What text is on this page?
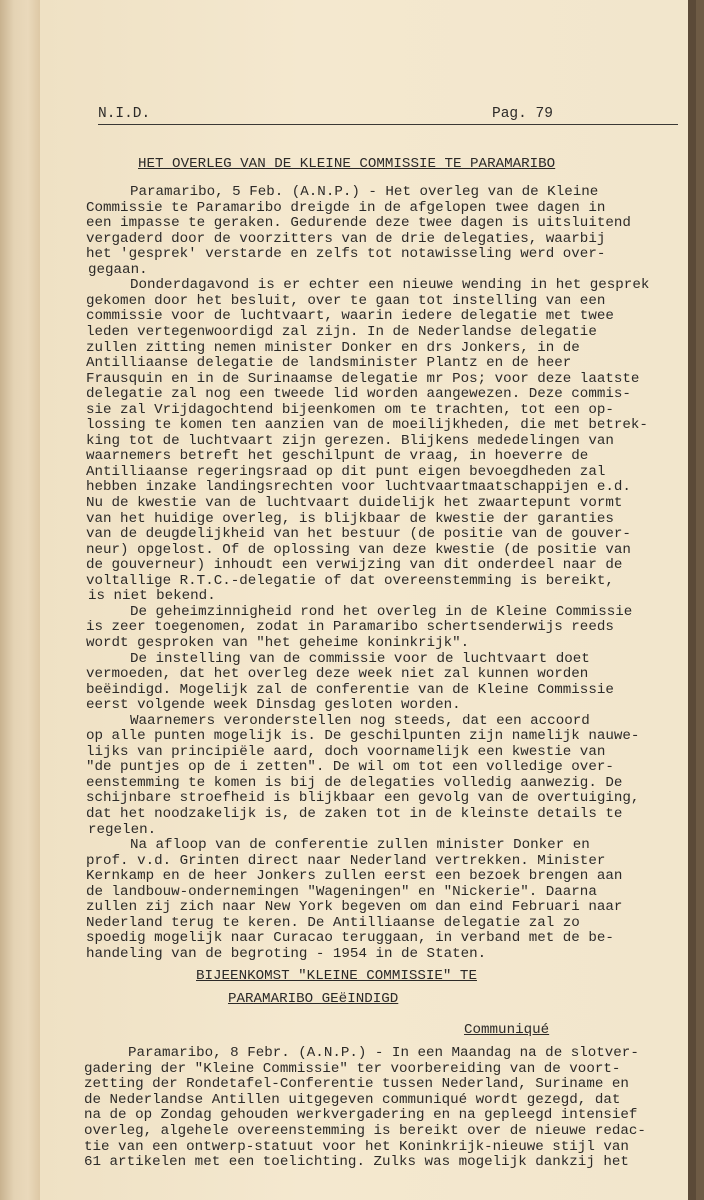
N.I.D.	Pag. 79
HET OVERLEG VAN DE KLEINE COMMISSIE TE PARAMARIBO
Paramaribo, 5 Feb. (A.N.P.) - Het overleg van de Kleine
Commissie te Paramaribo dreigde in de afgelopen twee dagen in
een impasse te geraken. Gedurende deze twee dagen is uitsluitend
vergaderd door de voorzitters van de drie delegaties, waarbij
het 'gesprek' verstarde en zelfs tot notawisseling werd over-
gegaan.
Donderdagavond is er echter een nieuwe wending in het gesprek
gekomen door het besluit, over te gaan tot instelling van een
commissie voor de luchtvaart, waarin iedere delegatie met twee
leden vertegenwoordigd zal zijn. In de Nederlandse delegatie
zullen zitting nemen minister Donker en drs Jonkers, in de
Antilliaanse delegatie de landsminister Plantz en de heer
Frausquin en in de Surinaamse delegatie mr Pos; voor deze laatste
delegatie zal nog een tweede lid worden aangewezen. Deze commis-
sie zal Vrijdagochtend bijeenkomen om te trachten, tot een op-
lossing te komen ten aanzien van de moeilijkheden, die met betrek-
king tot de luchtvaart zijn gerezen. Blijkens mededelingen van
waarnemers betreft het geschilpunt de vraag, in hoeverre de
Antilliaanse regeringsraad op dit punt eigen bevoegdheden zal
hebben inzake landingsrechten voor luchtvaartmaatschappijen e.d.
Nu de kwestie van de luchtvaart duidelijk het zwaartepunt vormt
van het huidige overleg, is blijkbaar de kwestie der garanties
van de deugdelijkheid van het bestuur (de positie van de gouver-
neur) opgelost. Of de oplossing van deze kwestie (de positie van
de gouverneur) inhoudt een verwijzing van dit onderdeel naar de
voltallige R.T.C.-delegatie of dat overeenstemming is bereikt,
is niet bekend.
De geheimzinnigheid rond het overleg in de Kleine Commissie
is zeer toegenomen, zodat in Paramaribo schertsenderwijs reeds
wordt gesproken van "het geheime koninkrijk".
De instelling van de commissie voor de luchtvaart doet
vermoeden, dat het overleg deze week niet zal kunnen worden
beëindigd. Mogelijk zal de conferentie van de Kleine Commissie
eerst volgende week Dinsdag gesloten worden.
Waarnemers veronderstellen nog steeds, dat een accoord
op alle punten mogelijk is. De geschilpunten zijn namelijk nauwe-
lijks van principiële aard, doch voornamelijk een kwestie van
"de puntjes op de i zetten". De wil om tot een volledige over-
eenstemming te komen is bij de delegaties volledig aanwezig. De
schijnbare stroefheid is blijkbaar een gevolg van de overtuiging,
dat het noodzakelijk is, de zaken tot in de kleinste details te
regelen.
Na afloop van de conferentie zullen minister Donker en
prof. v.d. Grinten direct naar Nederland vertrekken. Minister
Kernkamp en de heer Jonkers zullen eerst een bezoek brengen aan
de landbouw-ondernemingen "Wageningen" en "Nickerie". Daarna
zullen zij zich naar New York begeven om dan eind Februari naar
Nederland terug te keren. De Antilliaanse delegatie zal zo
spoedig mogelijk naar Curacao teruggaan, in verband met de be-
handeling van de begroting - 1954 in de Staten.
BIJEENKOMST "KLEINE COMMISSIE" TE
PARAMARIBO GEëINDIGD
Communiqué
Paramaribo, 8 Febr. (A.N.P.) - In een Maandag na de slotver-
gadering der "Kleine Commissie" ter voorbereiding van de voort-
zetting der Rondetafel-Conferentie tussen Nederland, Suriname en
de Nederlandse Antillen uitgegeven communiqué wordt gezegd, dat
na de op Zondag gehouden werkvergadering en na gepleegd intensief
overleg, algehele overeenstemming is bereikt over de nieuwe redac-
tie van een ontwerp-statuut voor het Koninkrijk-nieuwe stijl van
61 artikelen met een toelichting. Zulks was mogelijk dankzij het
